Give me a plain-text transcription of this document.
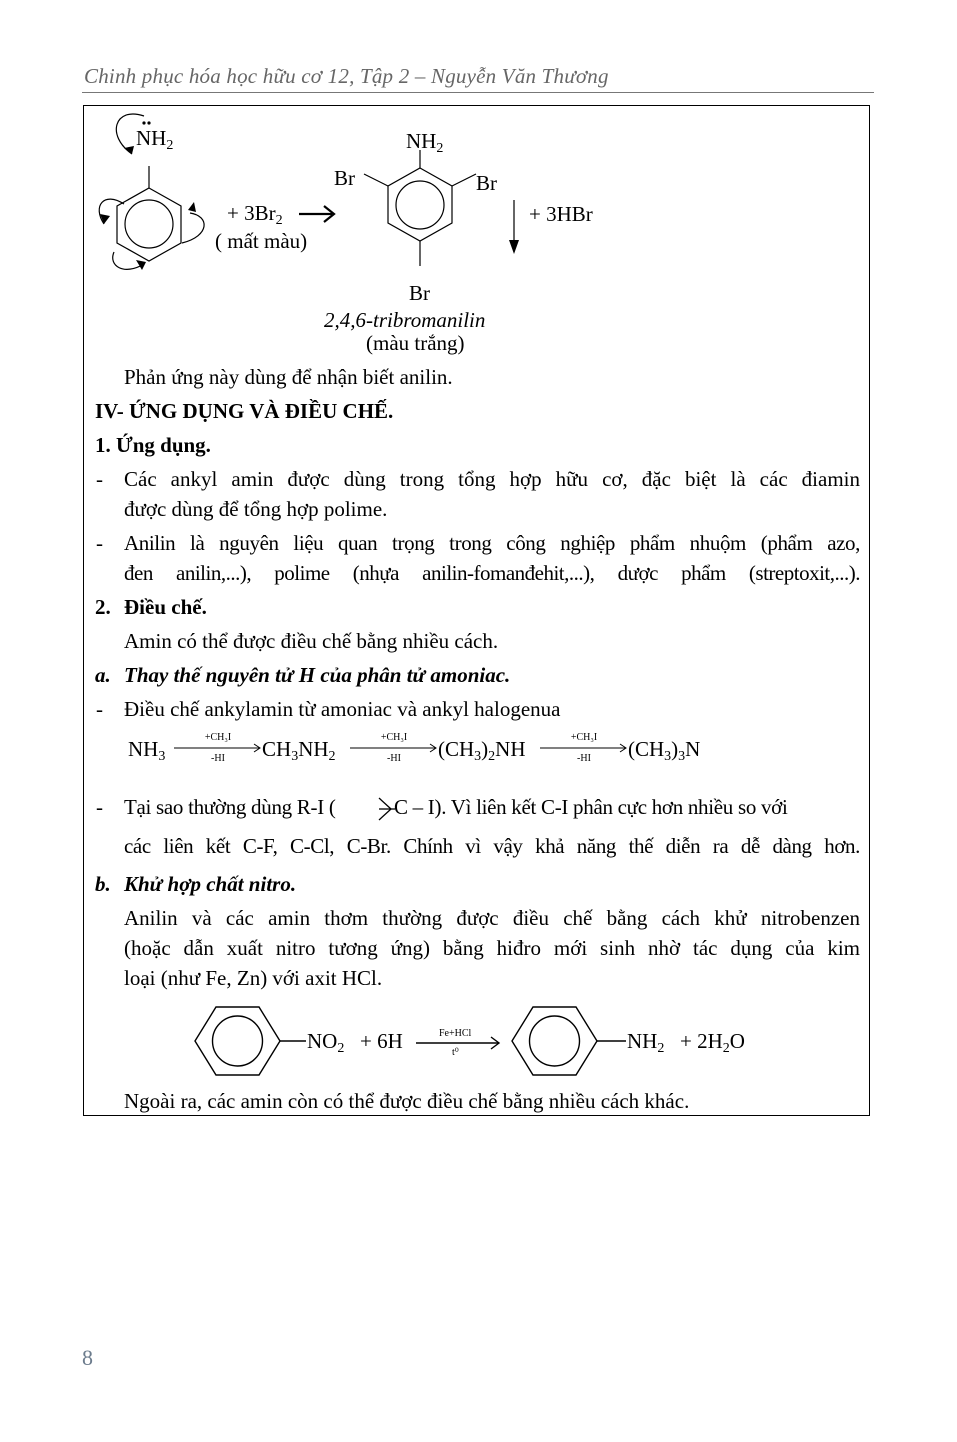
Chinh phục hóa học hữu cơ 12, Tập 2 – Nguyễn Văn Thương
$NH_2$
+ $3Br_2$
( mất màu)
$NH_2$
Br	Br
Br
+ 3HBr
2,4,6-tribromanilin
(màu trắng)
Phản ứng này dùng để nhận biết anilin.
IV- ỨNG DỤNG VÀ ĐIỀU CHẾ.
1. Ứng dụng.
- Các ankyl amin được dùng trong tổng hợp hữu cơ, đặc biệt là các điamin
được dùng để tổng hợp polime.
- Anilin là nguyên liệu quan trọng trong công nghiệp phẩm nhuộm (phẩm azo,
đen anilin,...), polime (nhựa anilin-fomanđehit,...), dược phẩm (streptoxit,...).
2. Điều chế.
Amin có thể được điều chế bằng nhiều cách.
a. Thay thế nguyên tử H của phân tử amoniac.
- Điều chế ankylamin từ amoniac và ankyl halogenua
$NH_3$
+CH₃I
-HI	$CH_3NH_2$
+CH₃I
-HI	$(CH_3)_2NH$	+CH₃I
-HI	$(CH_3)_3N$
- Tại sao thường dùng R-I (	C – I). Vì liên kết C-I phân cực hơn nhiều so với
các liên kết C-F, C-Cl, C-Br. Chính vì vậy khả năng thế diễn ra dễ dàng hơn.
b. Khử hợp chất nitro.
Anilin và các amin thơm thường được điều chế bằng cách khử nitrobenzen
(hoặc dẫn xuất nitro tương ứng) bằng hiđro mới sinh nhờ tác dụng của kim
loại (như Fe, Zn) với axit HCl.
$NO_2 + 6H$	Fe+HCl
t⁰	$NH_2 + 2H_2O$
Ngoài ra, các amin còn có thể được điều chế bằng nhiều cách khác.
8
